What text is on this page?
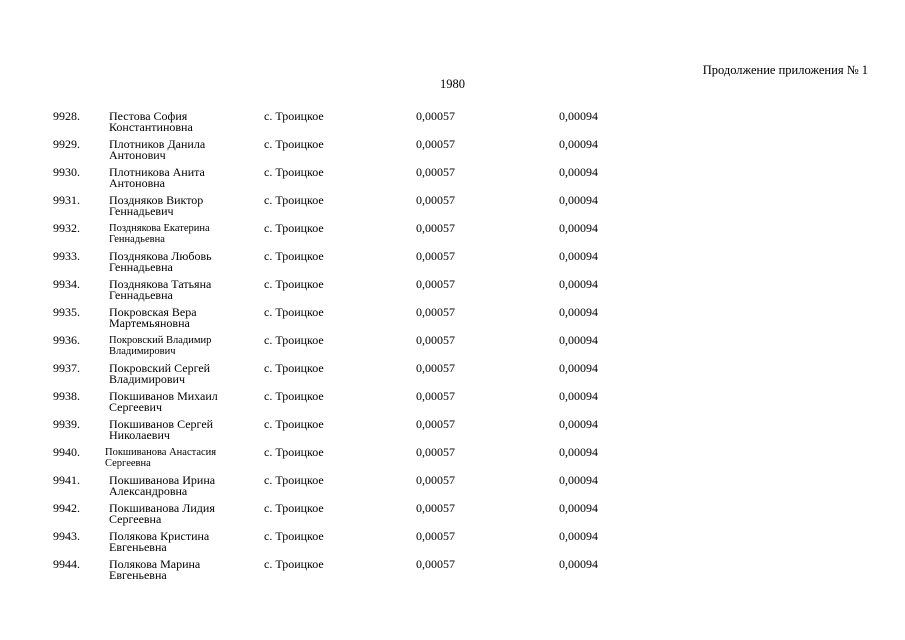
Продолжение приложения № 1
1980
9928. Пестова София
Константиновна
с. Троицкое	0,00057	0,00094
9929. Плотников Данила
Антонович
с. Троицкое	0,00057	0,00094
9930. Плотникова Анита
Антоновна
с. Троицкое	0,00057	0,00094
9931. Поздняков Виктор
Геннадьевич
с. Троицкое	0,00057	0,00094
9932.	Позднякова Екатерина
Геннадьевна
с. Троицкое	0,00057	0,00094
9933. Позднякова Любовь
Геннадьевна
с. Троицкое	0,00057	0,00094
9934. Позднякова Татьяна
Геннадьевна
с. Троицкое	0,00057	0,00094
9935. Покровская Вера
Мартемьяновна
с. Троицкое	0,00057	0,00094
9936.	Покровский Владимир
Владимирович
с. Троицкое	0,00057	0,00094
9937. Покровский Сергей
Владимирович
с. Троицкое	0,00057	0,00094
9938. Покшиванов Михаил
Сергеевич
с. Троицкое	0,00057	0,00094
9939. Покшиванов Сергей
Николаевич
с. Троицкое	0,00057	0,00094
9940. Покшиванова Анастасия
Сергеевна
с. Троицкое	0,00057	0,00094
9941. Покшиванова Ирина
Александровна
с. Троицкое	0,00057	0,00094
9942. Покшиванова Лидия
Сергеевна
с. Троицкое	0,00057	0,00094
9943. Полякова Кристина
Евгеньевна
с. Троицкое	0,00057	0,00094
9944. Полякова Марина
Евгеньевна
с. Троицкое	0,00057	0,00094
